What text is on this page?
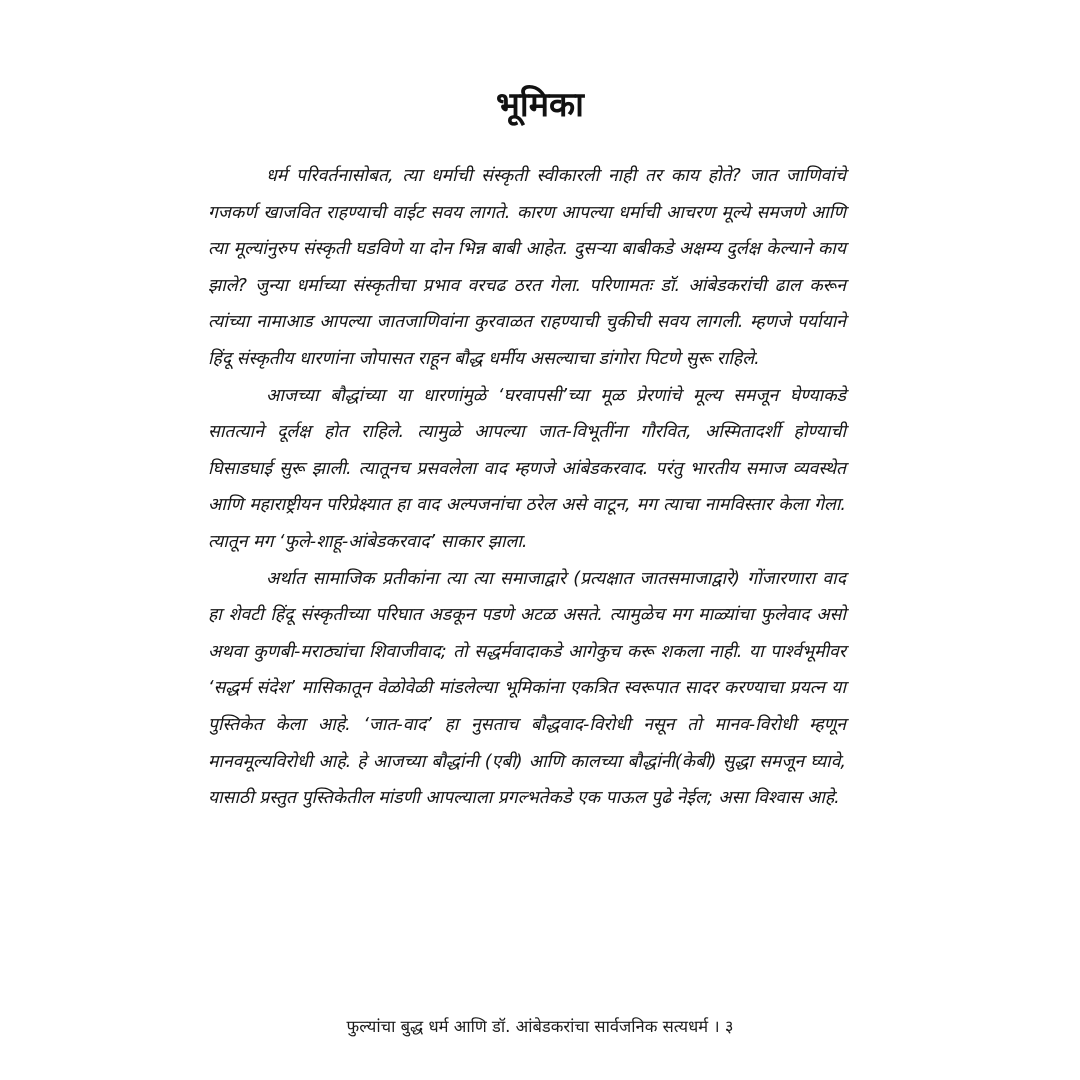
भूमिका

धर्म परिवर्तनासोबत, त्या धर्माची संस्कृती स्वीकारली नाही तर काय होते? जात जाणिवांचे गजकर्ण खाजवित राहण्याची वाईट सवय लागते. कारण आपल्या धर्माची आचरण मूल्ये समजणे आणि त्या मूल्यांनुरुप संस्कृती घडविणे या दोन भिन्न बाबी आहेत. दुसऱ्या बाबीकडे अक्षम्य दुर्लक्ष केल्याने काय झाले? जुन्या धर्माच्या संस्कृतीचा प्रभाव वरचढ ठरत गेला. परिणामतः डॉ. आंबेडकरांची ढाल करून त्यांच्या नामाआड आपल्या जातजाणिवांना कुरवाळत राहण्याची चुकीची सवय लागली. म्हणजे पर्यायाने हिंदू संस्कृतीय धारणांना जोपासत राहून बौद्ध धर्मीय असल्याचा डांगोरा पिटणे सुरू राहिले.

आजच्या बौद्धांच्या या धारणांमुळे ‘घरवापसी’च्या मूळ प्रेरणांचे मूल्य समजून घेण्याकडे सातत्याने दूर्लक्ष होत राहिले. त्यामुळे आपल्या जात-विभूतींना गौरवित, अस्मितादर्शी होण्याची घिसाडघाई सुरू झाली. त्यातूनच प्रसवलेला वाद म्हणजे आंबेडकरवाद. परंतु भारतीय समाज व्यवस्थेत आणि महाराष्ट्रीयन परिप्रेक्ष्यात हा वाद अल्पजनांचा ठरेल असे वाटून, मग त्याचा नामविस्तार केला गेला. त्यातून मग ‘फुले-शाहू-आंबेडकरवाद’ साकार झाला.

अर्थात सामाजिक प्रतीकांना त्या त्या समाजाद्वारे (प्रत्यक्षात जातसमाजाद्वारे) गोंजारणारा वाद हा शेवटी हिंदू संस्कृतीच्या परिघात अडकून पडणे अटळ असते. त्यामुळेच मग माळ्यांचा फुलेवाद असो अथवा कुणबी-मराठ्यांचा शिवाजीवाद; तो सद्धर्मवादाकडे आगेकुच करू शकला नाही. या पार्श्वभूमीवर ‘सद्धर्म संदेश’ मासिकातून वेळोवेळी मांडलेल्या भूमिकांना एकत्रित स्वरूपात सादर करण्याचा प्रयत्न या पुस्तिकेत केला आहे. ‘जात-वाद’ हा नुसताच बौद्धवाद-विरोधी नसून तो मानव-विरोधी म्हणून मानवमूल्यविरोधी आहे. हे आजच्या बौद्धांनी (एबी) आणि कालच्या बौद्धांनी(केबी) सुद्धा समजून घ्यावे, यासाठी प्रस्तुत पुस्तिकेतील मांडणी आपल्याला प्रगल्भतेकडे एक पाऊल पुढे नेईल; असा विश्वास आहे.

फुल्यांचा बुद्ध धर्म आणि डॉ. आंबेडकरांचा सार्वजनिक सत्यधर्म । ३
